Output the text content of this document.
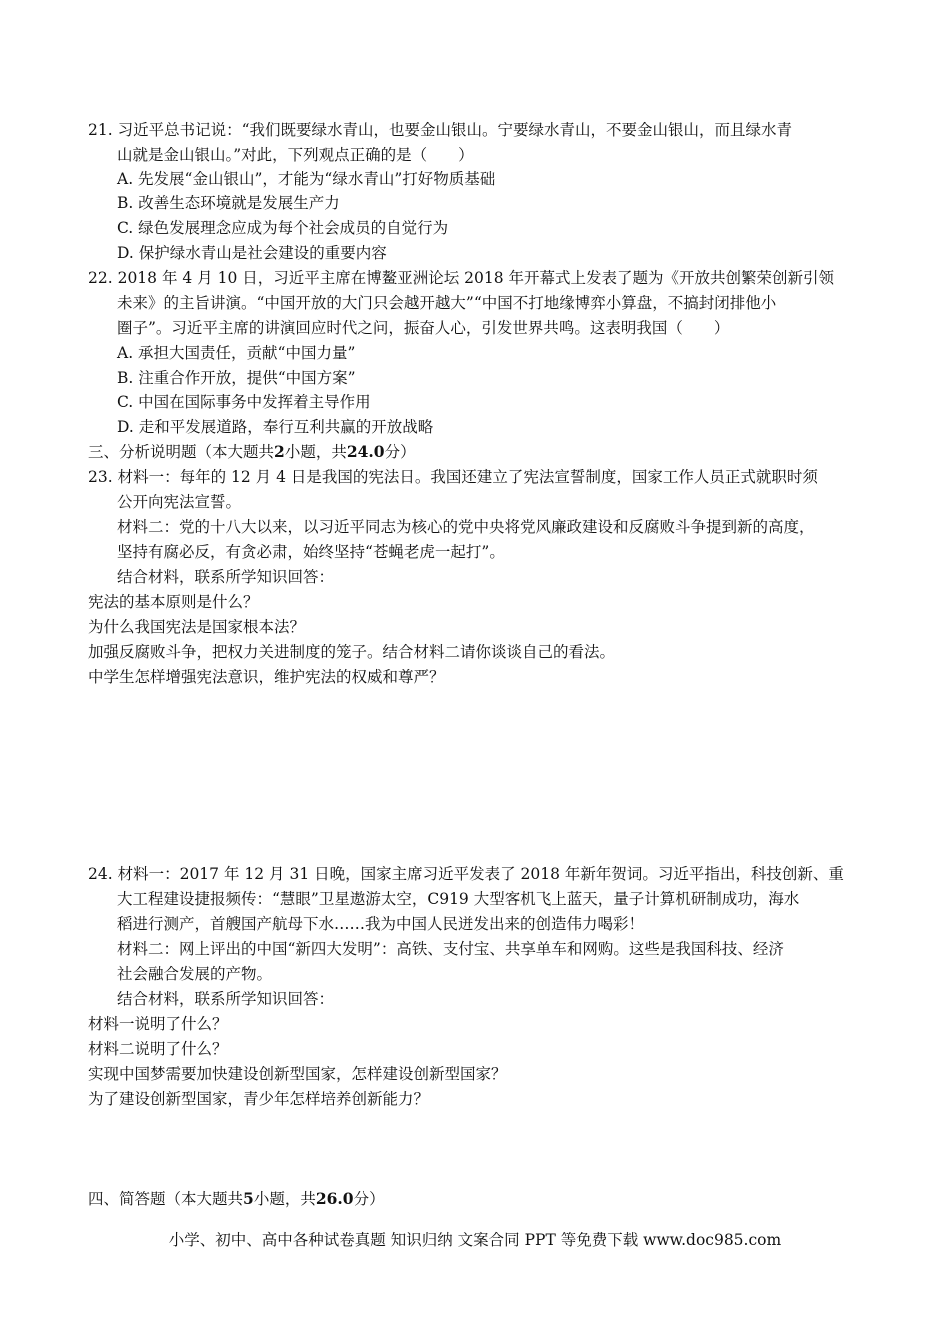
21. 习近平总书记说：“我们既要绿水青山，也要金山银山。宁要绿水青山，不要金山银山，而且绿水青
山就是金山银山。”对此，下列观点正确的是（　　）
A. 先发展“金山银山”，才能为“绿水青山”打好物质基础
B. 改善生态环境就是发展生产力
C. 绿色发展理念应成为每个社会成员的自觉行为
D. 保护绿水青山是社会建设的重要内容
22. 2018 年 4 月 10 日，习近平主席在博鳌亚洲论坛 2018 年开幕式上发表了题为《开放共创繁荣创新引领
未来》的主旨讲演。“中国开放的大门只会越开越大”“中国不打地缘博弈小算盘，不搞封闭排他小
圈子”。习近平主席的讲演回应时代之问，振奋人心，引发世界共鸣。这表明我国（　　）
A. 承担大国责任，贡献“中国力量”
B. 注重合作开放，提供“中国方案”
C. 中国在国际事务中发挥着主导作用
D. 走和平发展道路，奉行互利共赢的开放战略
三、分析说明题（本大题共2小题，共24.0分）
23. 材料一：每年的 12 月 4 日是我国的宪法日。我国还建立了宪法宣誓制度，国家工作人员正式就职时须
公开向宪法宣誓。
材料二：党的十八大以来，以习近平同志为核心的党中央将党风廉政建设和反腐败斗争提到新的高度，
坚持有腐必反，有贪必肃，始终坚持“苍蝇老虎一起打”。
结合材料，联系所学知识回答：
宪法的基本原则是什么？
为什么我国宪法是国家根本法？
加强反腐败斗争，把权力关进制度的笼子。结合材料二请你谈谈自己的看法。
中学生怎样增强宪法意识，维护宪法的权威和尊严？
24. 材料一：2017 年 12 月 31 日晚，国家主席习近平发表了 2018 年新年贺词。习近平指出，科技创新、重
大工程建设捷报频传：“慧眼”卫星遨游太空，C919 大型客机飞上蓝天，量子计算机研制成功，海水
稻进行测产，首艘国产航母下水……我为中国人民迸发出来的创造伟力喝彩！
材料二：网上评出的中国“新四大发明”：高铁、支付宝、共享单车和网购。这些是我国科技、经济
社会融合发展的产物。
结合材料，联系所学知识回答：
材料一说明了什么？
材料二说明了什么？
实现中国梦需要加快建设创新型国家，怎样建设创新型国家？
为了建设创新型国家，青少年怎样培养创新能力？
四、简答题（本大题共5小题，共26.0分）
小学、初中、高中各种试卷真题 知识归纳 文案合同 PPT 等免费下载 www.doc985.com
